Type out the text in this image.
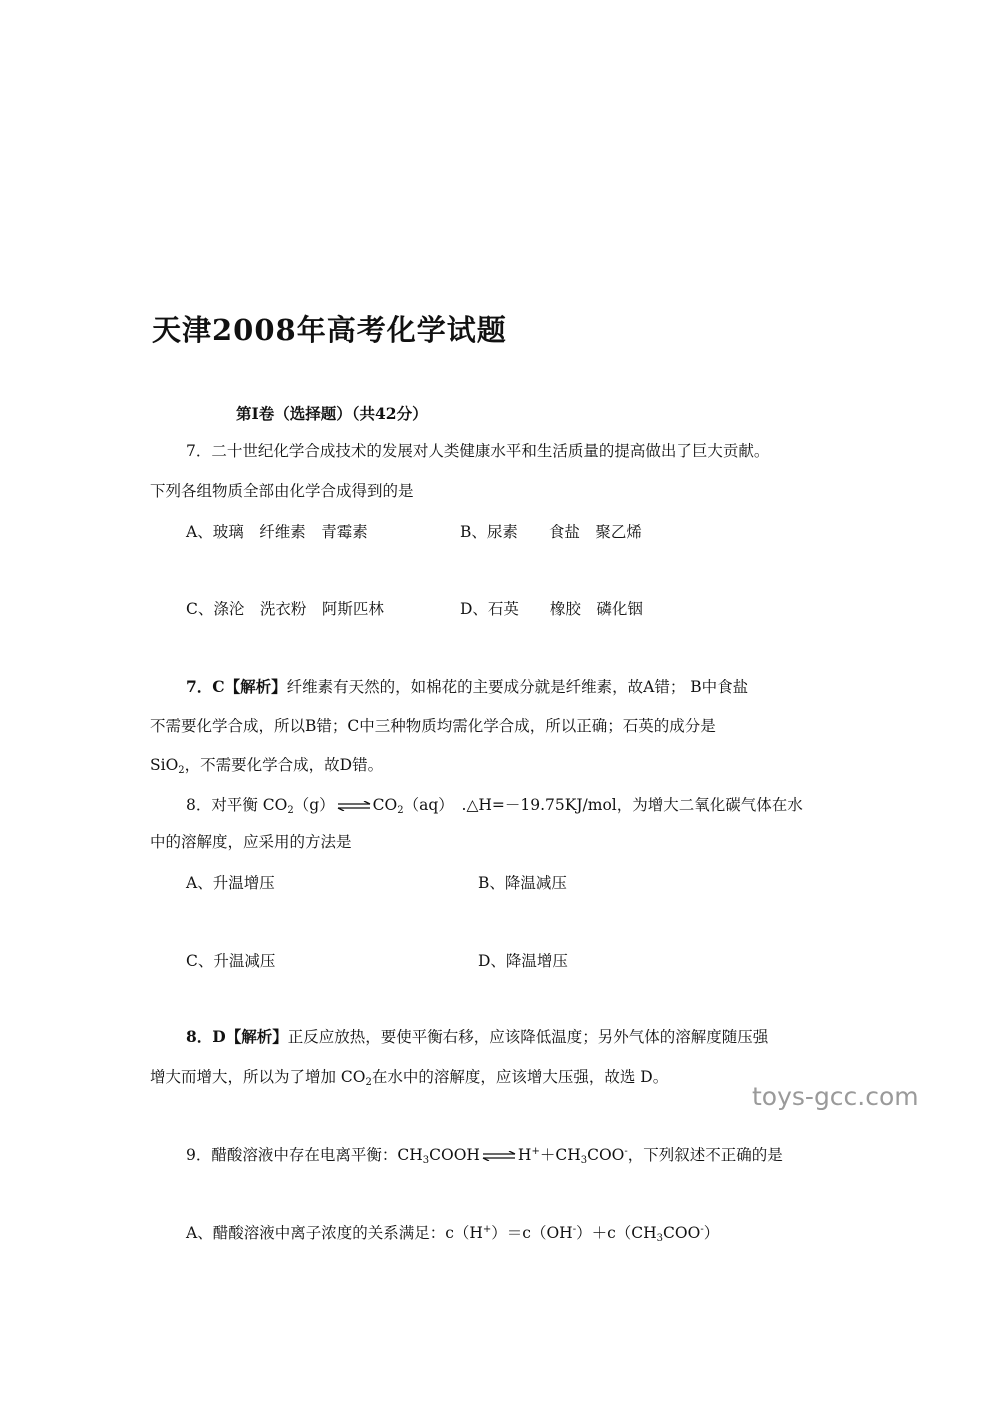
天津2008年高考化学试题
第I卷（选择题）（共42分）
7．二十世纪化学合成技术的发展对人类健康水平和生活质量的提高做出了巨大贡献。
下列各组物质全部由化学合成得到的是
A、玻璃　纤维素　青霉素	B、尿素　　食盐　聚乙烯
C、涤沦　洗衣粉　阿斯匹林	D、石英　　橡胶　磷化铟
7．C【解析】纤维素有天然的，如棉花的主要成分就是纤维素，故A错； B中食盐
不需要化学合成，所以B错；C中三种物质均需化学合成，所以正确；石英的成分是
SiO$_2$，不需要化学合成，故D错。
8．对平衡 $CO_2(g)$ ⇌ $CO_2(aq)$　.△H=－19.75KJ/mol，为增大二氧化碳气体在水
中的溶解度，应采用的方法是
A、升温增压	B、降温减压
C、升温减压	D、降温增压
8．D【解析】正反应放热，要使平衡右移，应该降低温度；另外气体的溶解度随压强
增大而增大，所以为了增加 $CO_2$在水中的溶解度，应该增大压强，故选 D。
toys-gcc.com
9．醋酸溶液中存在电离平衡：$CH_3COOH$ ⇌ $H^++CH_3COO^-$，下列叙述不正确的是
A、醋酸溶液中离子浓度的关系满足：$c(H^+)=c(OH^-)+c(CH_3COO^-)$
